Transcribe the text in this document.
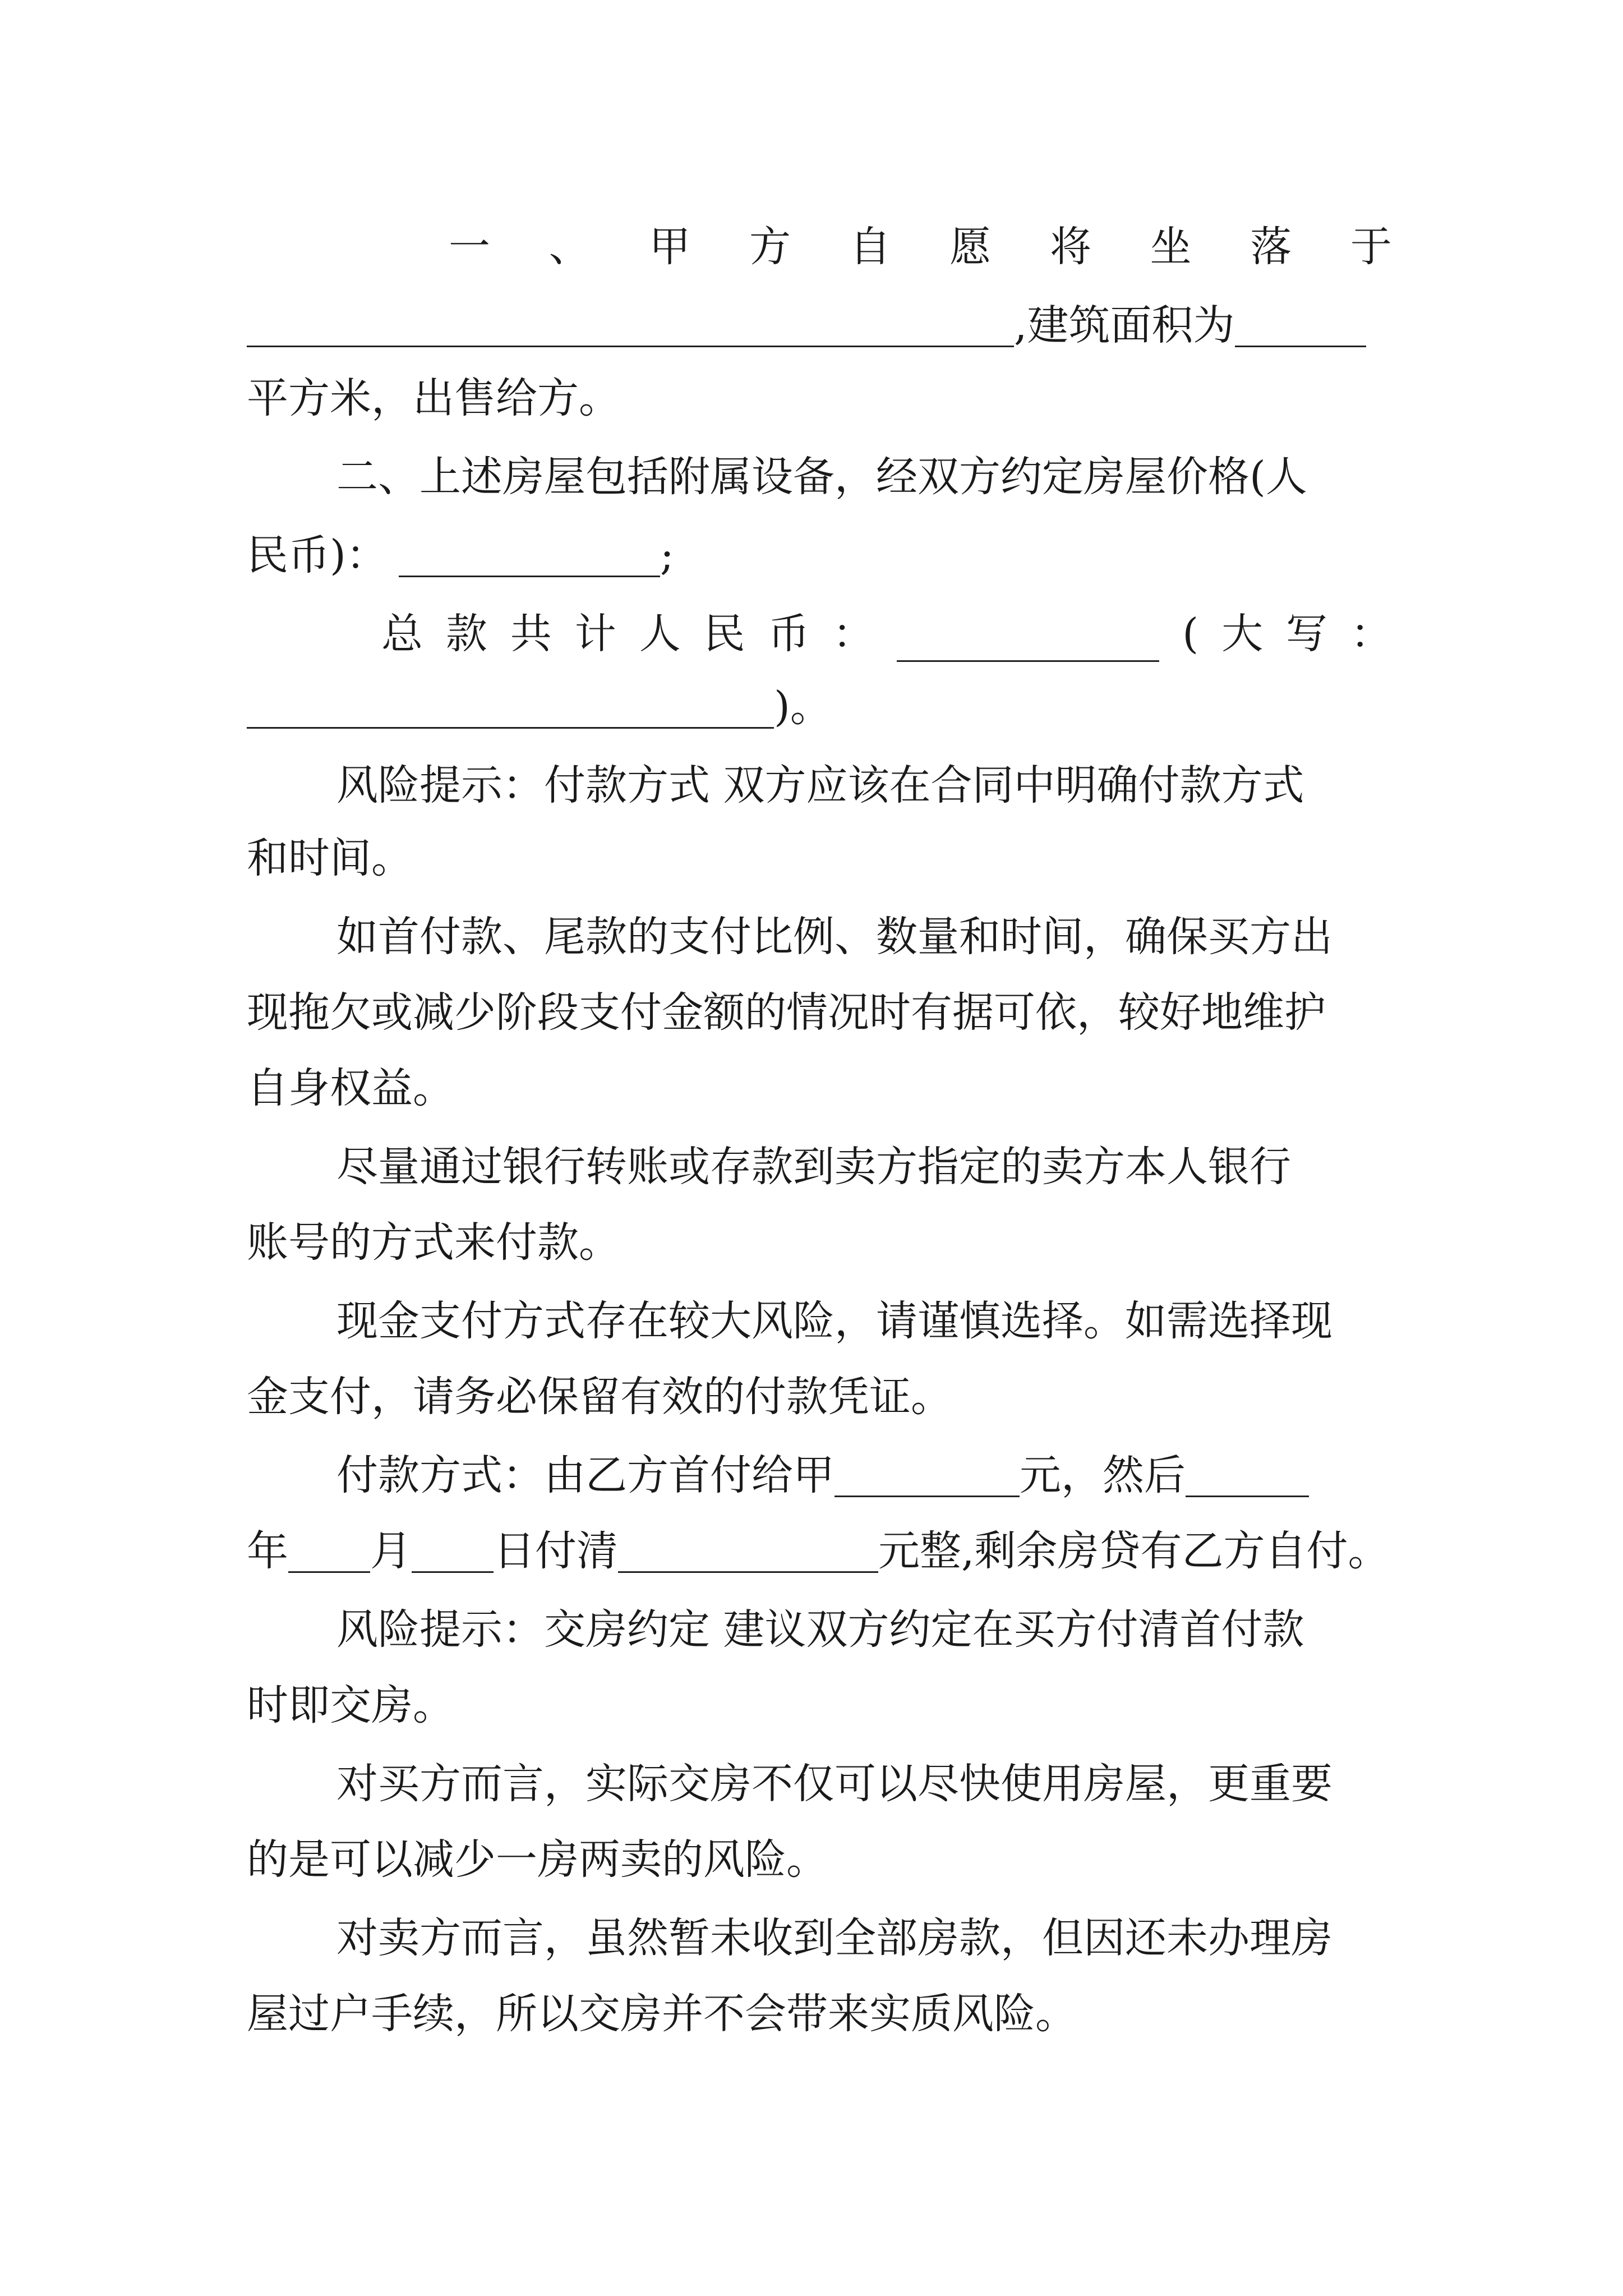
一 、 甲 方 自 愿 将 坐 落 于
,建筑面积为
平方米，出售给方。
二、上述房屋包括附属设备，经双方约定房屋价格(人
民币)：	;
总 款 共 计 人 民 币 ：	( 大 写 ：
)。
风险提示：付款方式 双方应该在合同中明确付款方式
和时间。
如首付款、尾款的支付比例、数量和时间，确保买方出
现拖欠或减少阶段支付金额的情况时有据可依，较好地维护
自身权益。
尽量通过银行转账或存款到卖方指定的卖方本人银行
账号的方式来付款。
现金支付方式存在较大风险，请谨慎选择。如需选择现
金支付，请务必保留有效的付款凭证。
付款方式：由乙方首付给甲	元，然后
年 月 日付清	元整,剩余房贷有乙方自付。
风险提示：交房约定 建议双方约定在买方付清首付款
时即交房。
对买方而言，实际交房不仅可以尽快使用房屋，更重要
的是可以减少一房两卖的风险。
对卖方而言，虽然暂未收到全部房款，但因还未办理房
屋过户手续，所以交房并不会带来实质风险。
